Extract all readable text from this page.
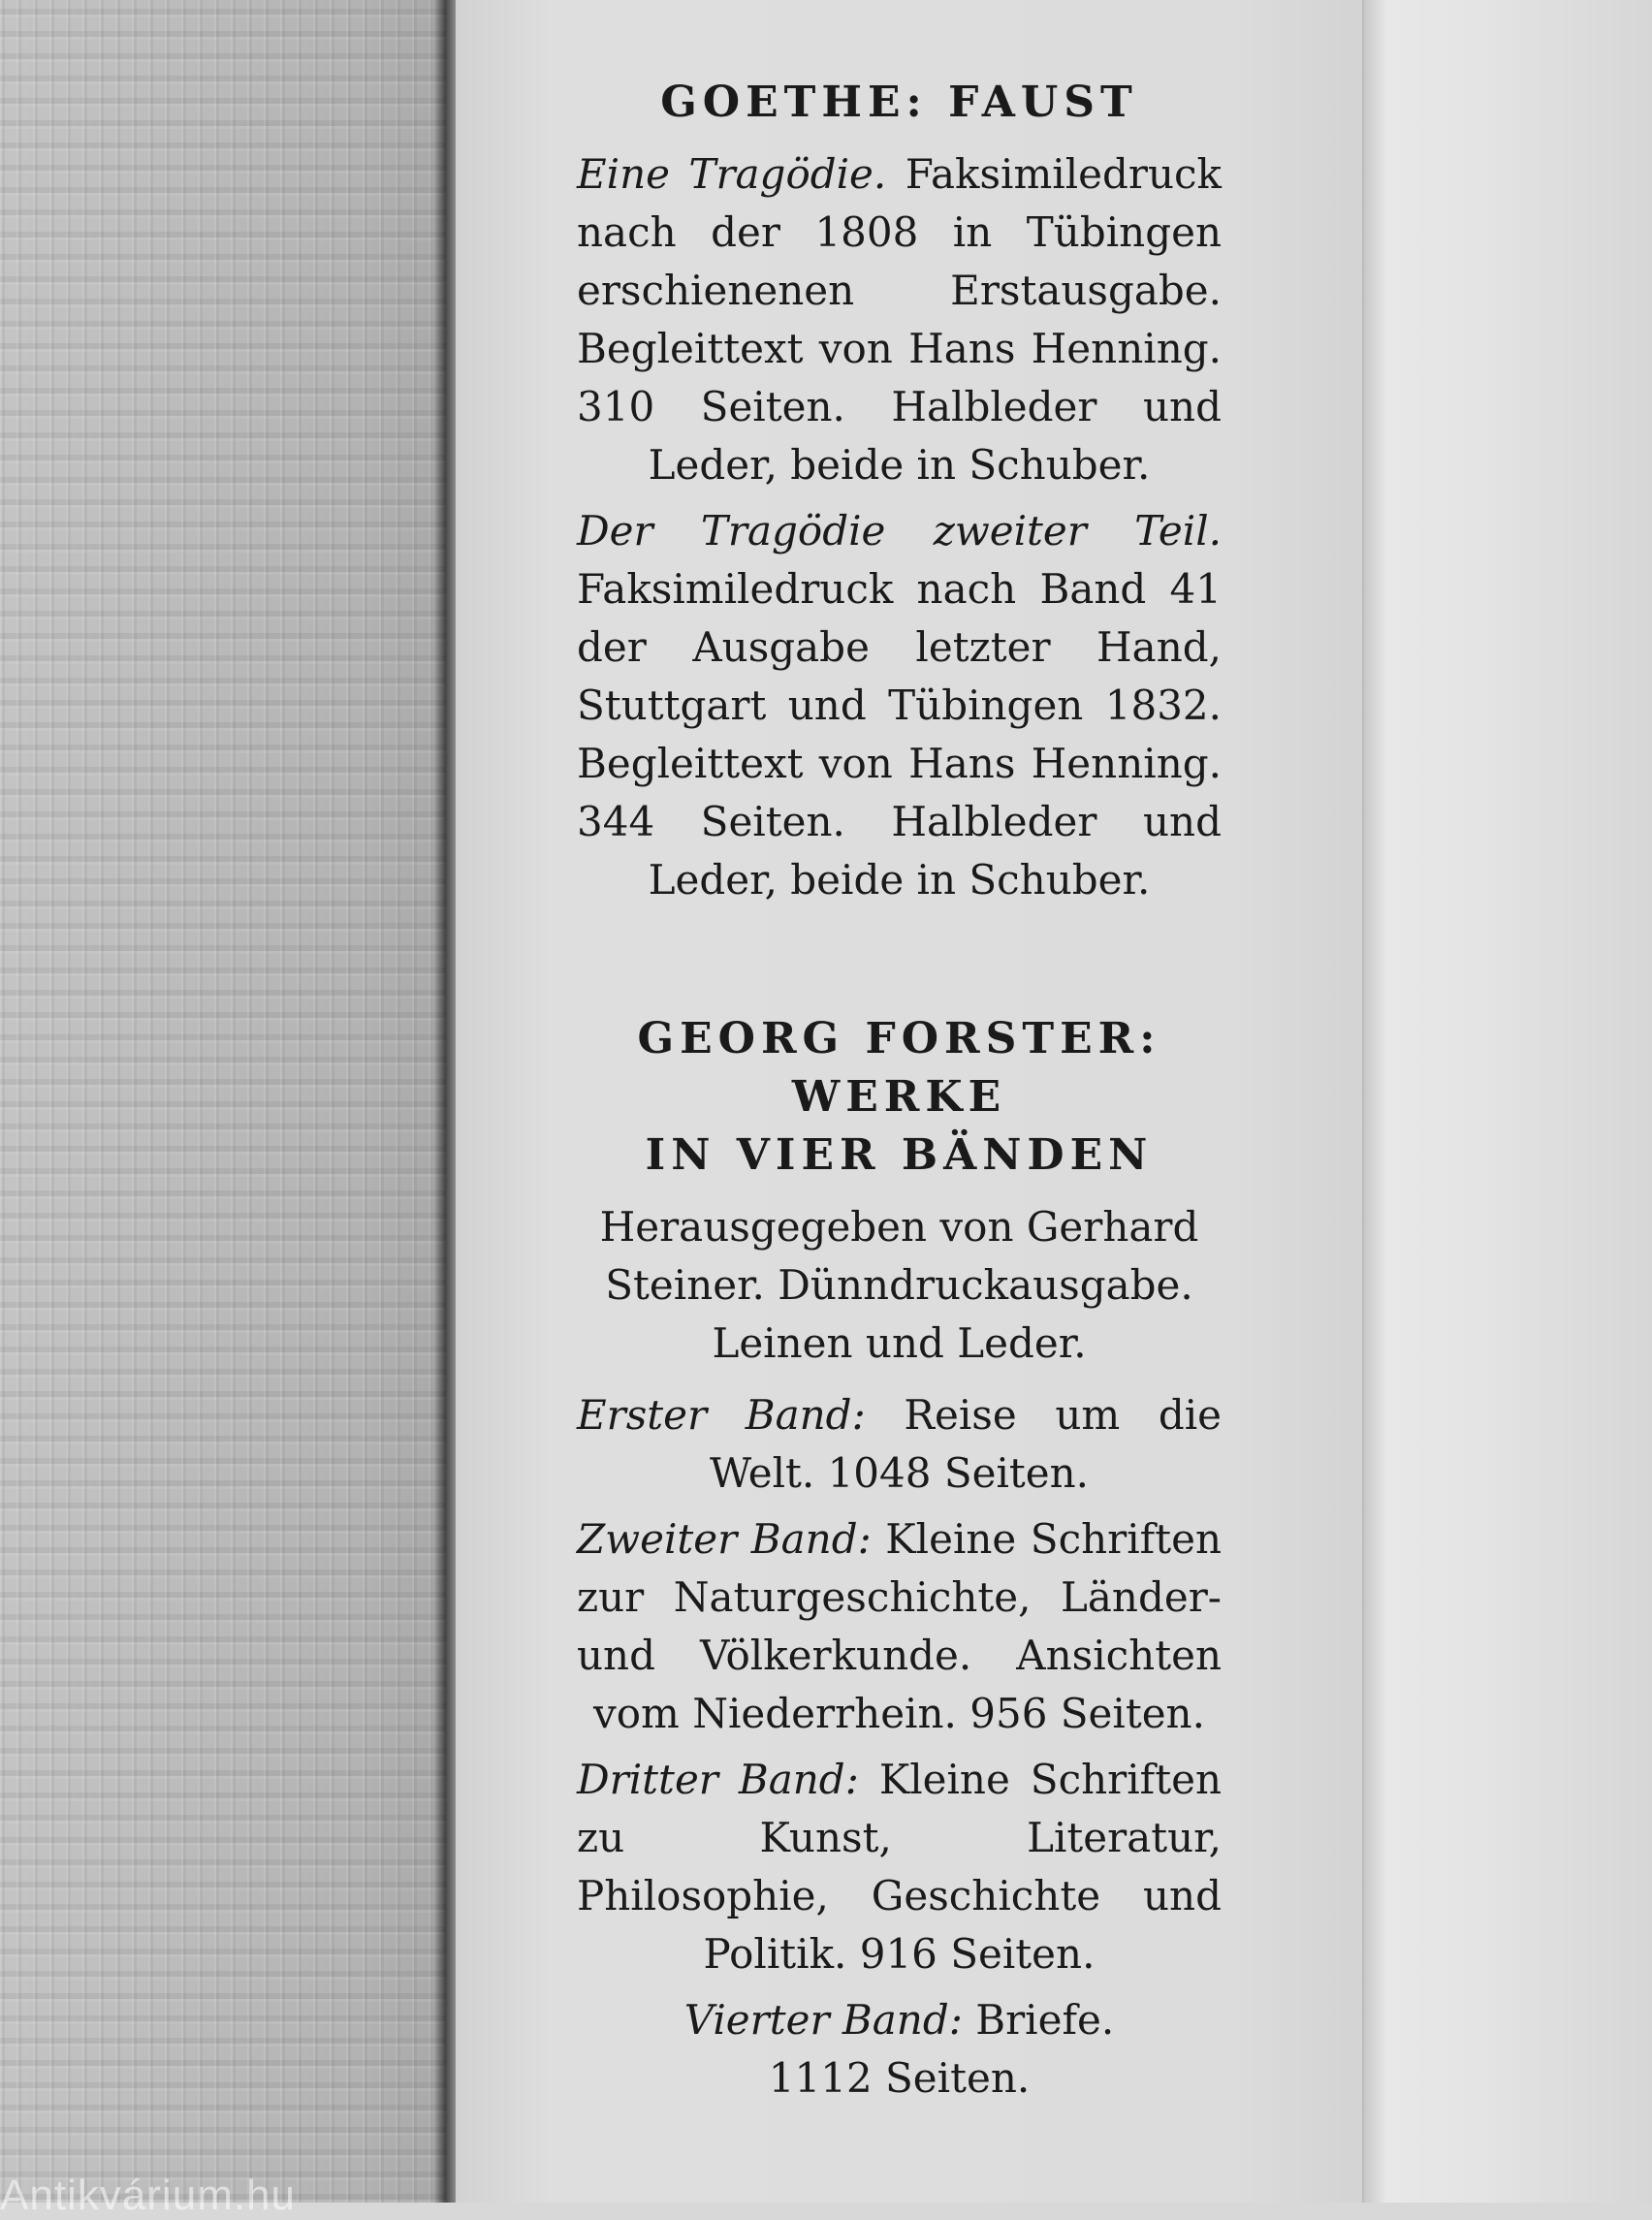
Antikvárium.hu
GOETHE: FAUST

Eine Tragödie. Faksimiledruck nach der 1808 in Tübingen erschienenen Erstausgabe. Begleittext von Hans Henning. 310 Seiten. Halbleder und Leder, beide in Schuber.

Der Tragödie zweiter Teil. Faksimiledruck nach Band 41 der Ausgabe letzter Hand, Stuttgart und Tübingen 1832. Begleittext von Hans Henning. 344 Seiten. Halbleder und Leder, beide in Schuber.

GEORG FORSTER:
WERKE
IN VIER BÄNDEN

Herausgegeben von Gerhard Steiner. Dünndruckausgabe. Leinen und Leder.

Erster Band: Reise um die Welt. 1048 Seiten.

Zweiter Band: Kleine Schriften zur Naturgeschichte, Länder- und Völkerkunde. Ansichten vom Niederrhein. 956 Seiten.

Dritter Band: Kleine Schriften zu Kunst, Literatur, Philosophie, Geschichte und Politik. 916 Seiten.

Vierter Band: Briefe. 1112 Seiten.
